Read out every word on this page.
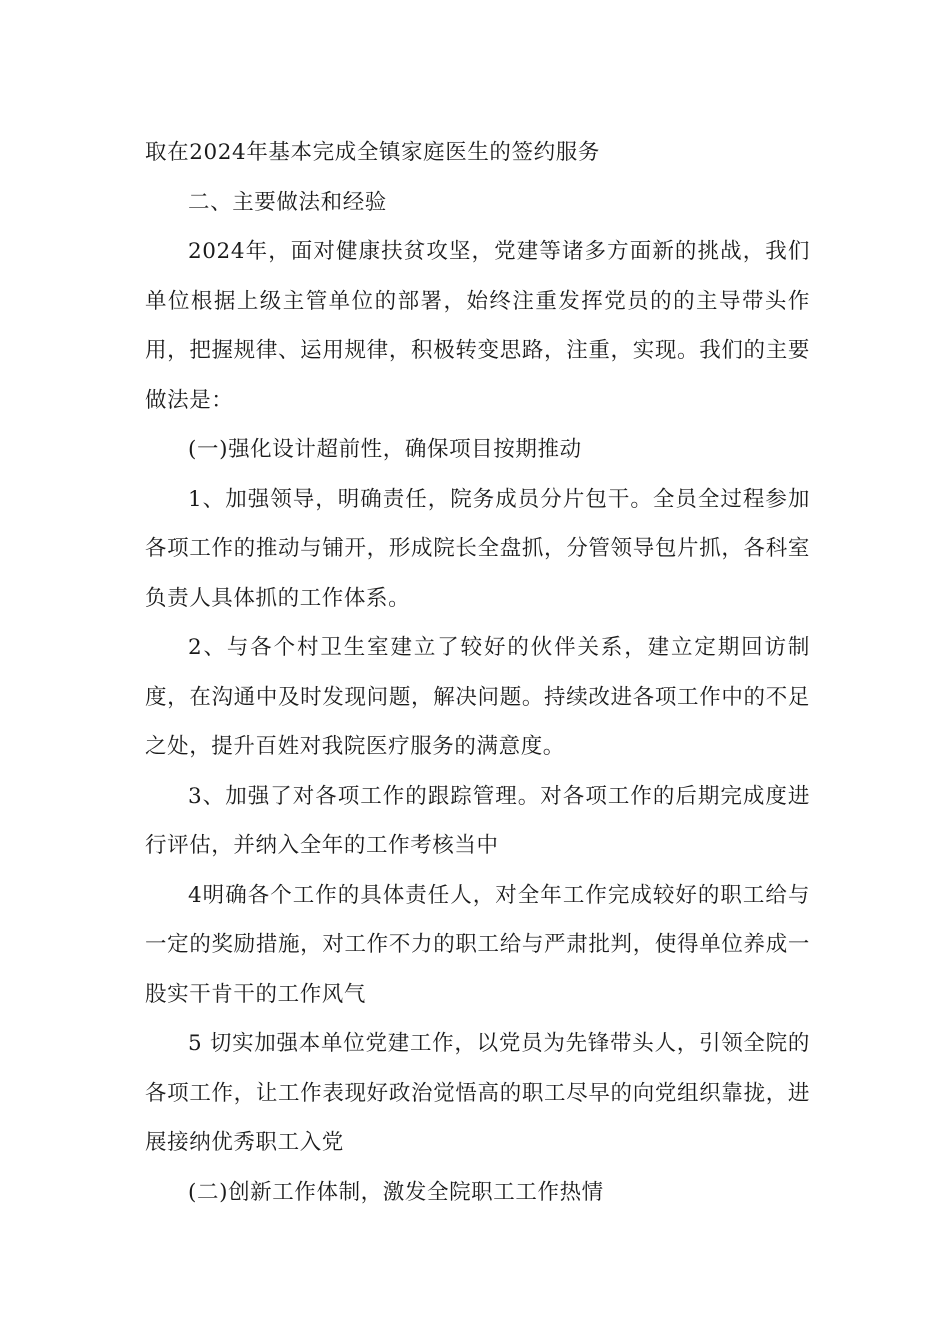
取在2024年基本完成全镇家庭医生的签约服务

二、主要做法和经验

2024年，面对健康扶贫攻坚，党建等诸多方面新的挑战，我们单位根据上级主管单位的部署，始终注重发挥党员的的主导带头作用，把握规律、运用规律，积极转变思路，注重，实现。我们的主要做法是：

(一)强化设计超前性，确保项目按期推动

1、加强领导，明确责任，院务成员分片包干。全员全过程参加各项工作的推动与铺开，形成院长全盘抓，分管领导包片抓，各科室负责人具体抓的工作体系。

2、与各个村卫生室建立了较好的伙伴关系，建立定期回访制度，在沟通中及时发现问题，解决问题。持续改进各项工作中的不足之处，提升百姓对我院医疗服务的满意度。

3、加强了对各项工作的跟踪管理。对各项工作的后期完成度进行评估，并纳入全年的工作考核当中

4明确各个工作的具体责任人，对全年工作完成较好的职工给与一定的奖励措施，对工作不力的职工给与严肃批判，使得单位养成一股实干肯干的工作风气

5 切实加强本单位党建工作，以党员为先锋带头人，引领全院的各项工作，让工作表现好政治觉悟高的职工尽早的向党组织靠拢，进展接纳优秀职工入党

(二)创新工作体制，激发全院职工工作热情
